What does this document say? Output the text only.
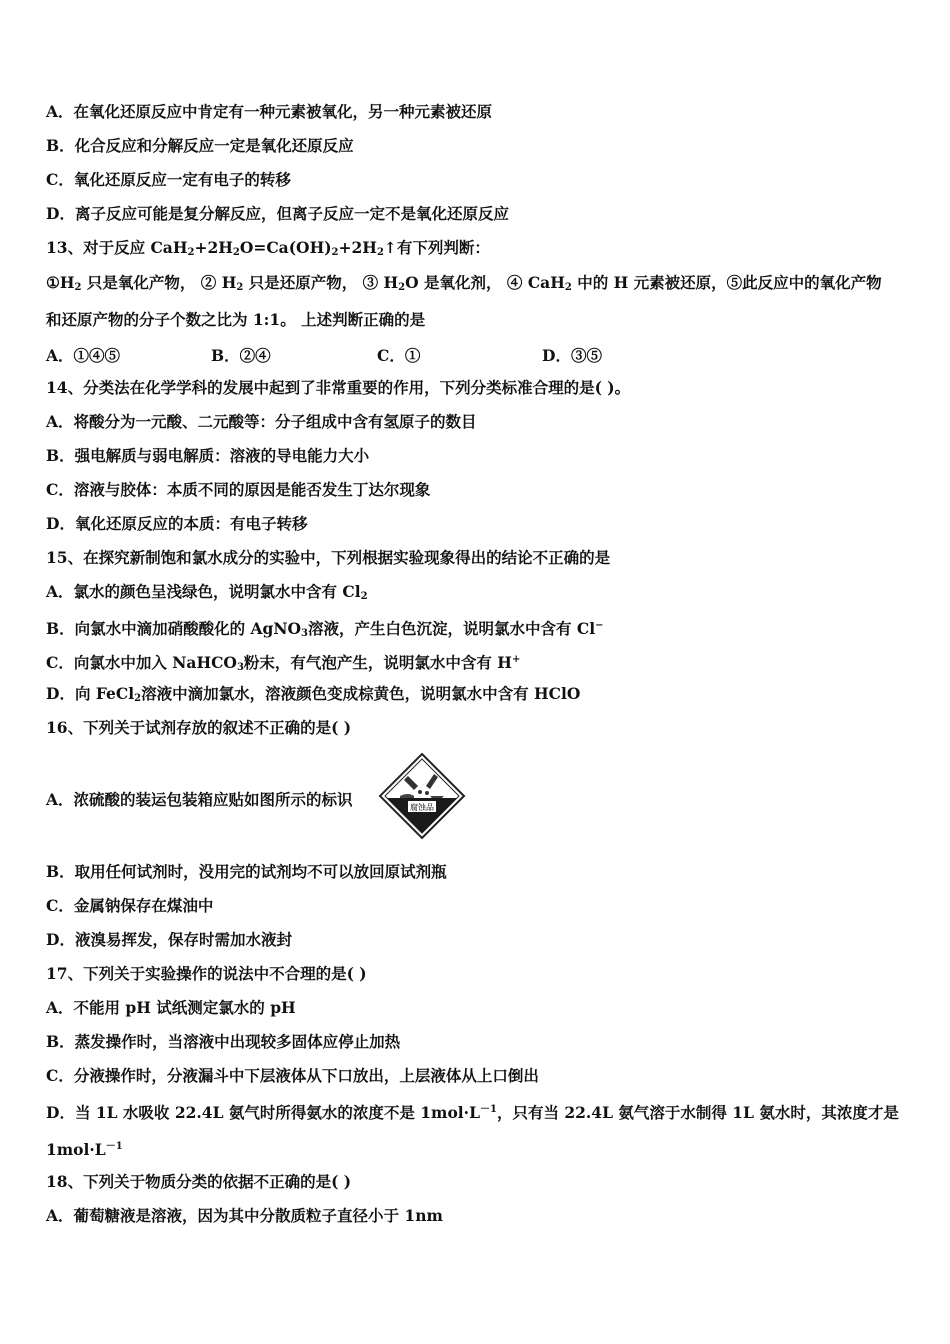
A．在氧化还原反应中肯定有一种元素被氧化，另一种元素被还原
B．化合反应和分解反应一定是氧化还原反应
C．氧化还原反应一定有电子的转移
D．离子反应可能是复分解反应，但离子反应一定不是氧化还原反应
13、对于反应 $CaH_2+2H_2O=Ca(OH)_2+2H_2↑$有下列判断：
$①H_2$ 只是氧化产物， ② $H_2$ 只是还原产物， ③ $H_2O$ 是氧化剂， ④ CaH$_2$ 中的 H 元素被还原，⑤此反应中的氧化产物
和还原产物的分子个数之比为 1:1。 上述判断正确的是
A．①④⑤	B．②④	C．①	D．③⑤
14、分类法在化学学科的发展中起到了非常重要的作用，下列分类标准合理的是( )。
A．将酸分为一元酸、二元酸等：分子组成中含有氢原子的数目
B．强电解质与弱电解质：溶液的导电能力大小
C．溶液与胶体：本质不同的原因是能否发生丁达尔现象
D．氧化还原反应的本质：有电子转移
15、在探究新制饱和氯水成分的实验中，下列根据实验现象得出的结论不正确的是
A．氯水的颜色呈浅绿色，说明氯水中含有 $Cl_2$
B．向氯水中滴加硝酸酸化的 AgNO$_3$溶液，产生白色沉淀，说明氯水中含有 Cl−
C．向氯水中加入 NaHCO$_3$粉末，有气泡产生，说明氯水中含有 H+
D．向 FeCl$_2$溶液中滴加氯水，溶液颜色变成棕黄色，说明氯水中含有 HClO
16、下列关于试剂存放的叙述不正确的是( )
A．浓硫酸的装运包装箱应贴如图所示的标识	腐蚀品
B．取用任何试剂时，没用完的试剂均不可以放回原试剂瓶
C．金属钠保存在煤油中
D．液溴易挥发，保存时需加水液封
17、下列关于实验操作的说法中不合理的是( )
A．不能用 pH 试纸测定氯水的 pH
B．蒸发操作时，当溶液中出现较多固体应停止加热
C．分液操作时，分液漏斗中下层液体从下口放出，上层液体从上口倒出
D．当 1L 水吸收 22.4L 氨气时所得氨水的浓度不是 $1mol\cdot L^{-1}$，只有当 22.4L 氨气溶于水制得 1L 氨水时，其浓度才是
$1mol\cdot L^{-1}$
18、下列关于物质分类的依据不正确的是( )
A．葡萄糖液是溶液，因为其中分散质粒子直径小于 1nm
